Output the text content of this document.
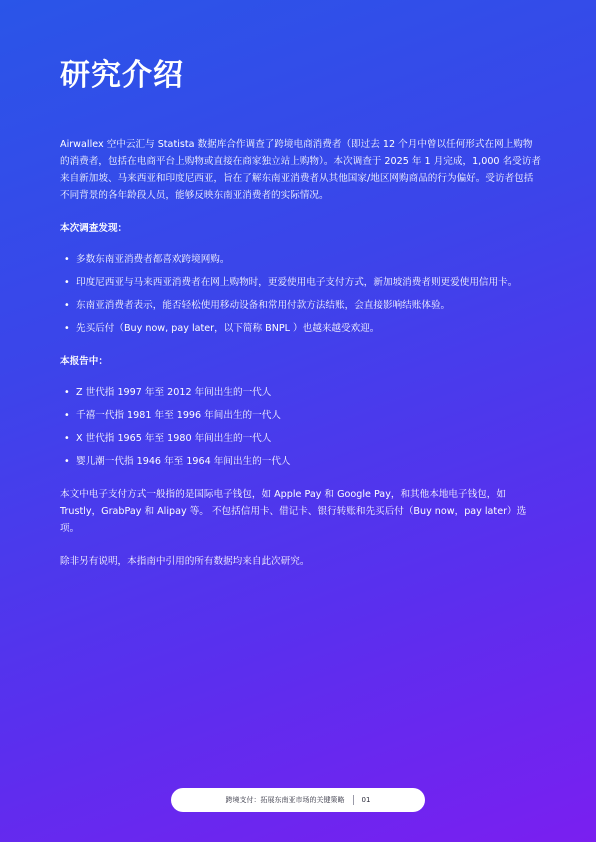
研究介绍

Airwallex 空中云汇与 Statista 数据库合作调查了跨境电商消费者（即过去 12 个月中曾以任何形式在网上购物的消费者，包括在电商平台上购物或直接在商家独立站上购物）。本次调查于 2025 年 1 月完成，1,000 名受访者来自新加坡、马来西亚和印度尼西亚，旨在了解东南亚消费者从其他国家/地区网购商品的行为偏好。受访者包括不同背景的各年龄段人员，能够反映东南亚消费者的实际情况。

本次调查发现：
• 多数东南亚消费者都喜欢跨境网购。
• 印度尼西亚与马来西亚消费者在网上购物时，更爱使用电子支付方式，新加坡消费者则更爱使用信用卡。
• 东南亚消费者表示，能否轻松使用移动设备和常用付款方法结账，会直接影响结账体验。
• 先买后付（Buy now, pay later，以下简称 BNPL ）也越来越受欢迎。
本报告中：
• Z 世代指 1997 年至 2012 年间出生的一代人
• 千禧一代指 1981 年至 1996 年间出生的一代人
• X 世代指 1965 年至 1980 年间出生的一代人
• 婴儿潮一代指 1946 年至 1964 年间出生的一代人

本文中电子支付方式一般指的是国际电子钱包，如 Apple Pay 和 Google Pay，和其他本地电子钱包，如 Trustly，GrabPay 和 Alipay 等。 不包括信用卡、借记卡、银行转账和先买后付（Buy now，pay later）选项。

除非另有说明，本指南中引用的所有数据均来自此次研究。

跨境支付：拓展东南亚市场的关键策略 01
